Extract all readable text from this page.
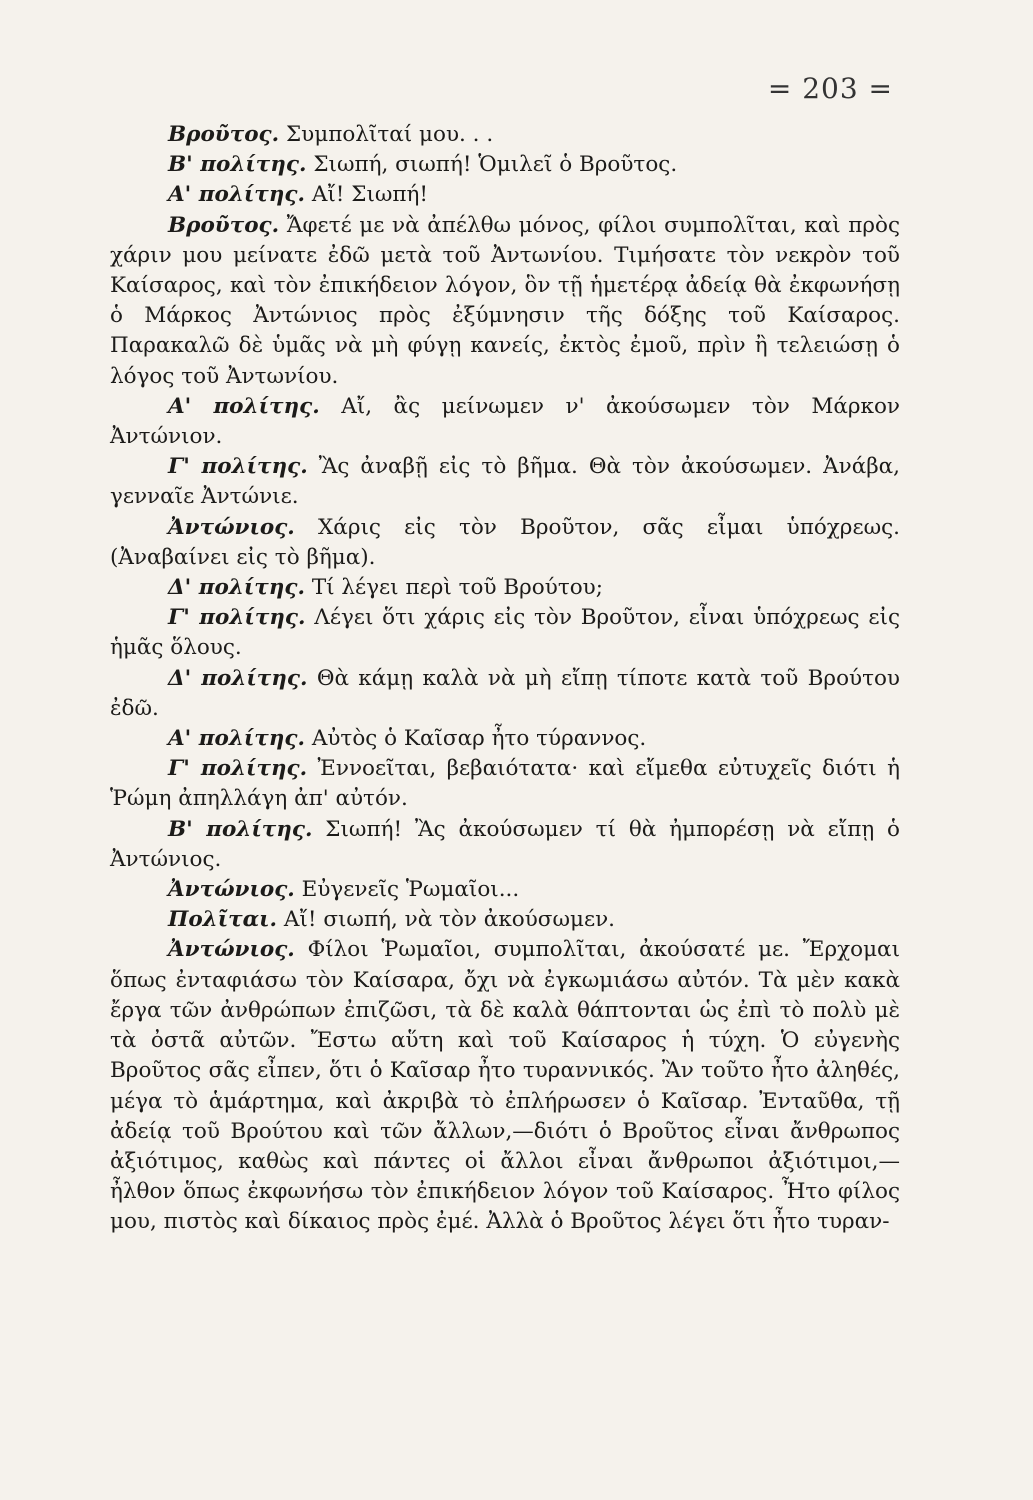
= 203 =

Βροῦτος. Συμπολῖταί μου. . .

Β' πολίτης. Σιωπή, σιωπή! Ὁμιλεῖ ὁ Βροῦτος.

Α' πολίτης. Αἴ! Σιωπή!

Βροῦτος. Ἄφετέ με νὰ ἀπέλθω μόνος, φίλοι συμπολῖται, καὶ πρὸς χάριν μου μείνατε ἐδῶ μετὰ τοῦ Ἀντωνίου. Τιμήσατε τὸν νεκρὸν τοῦ Καίσαρος, καὶ τὸν ἐπικήδειον λόγον, ὃν τῇ ἡμετέρᾳ ἀδείᾳ θὰ ἐκφωνήσῃ ὁ Μάρκος Ἀντώνιος πρὸς ἐξύμνησιν τῆς δόξης τοῦ Καίσαρος. Παρακαλῶ δὲ ὑμᾶς νὰ μὴ φύγῃ κανείς, ἐκτὸς ἐμοῦ, πρὶν ἢ τελειώσῃ ὁ λόγος τοῦ Ἀντωνίου.

Α' πολίτης. Αἴ, ἂς μείνωμεν ν' ἀκούσωμεν τὸν Μάρκον Ἀντώνιον.

Γ' πολίτης. Ἂς ἀναβῇ εἰς τὸ βῆμα. Θὰ τὸν ἀκούσωμεν. Ἀνάβα, γενναῖε Ἀντώνιε.

Ἀντώνιος. Χάρις εἰς τὸν Βροῦτον, σᾶς εἶμαι ὑπόχρεως. (Ἀναβαίνει εἰς τὸ βῆμα).

Δ' πολίτης. Τί λέγει περὶ τοῦ Βρούτου;

Γ' πολίτης. Λέγει ὅτι χάρις εἰς τὸν Βροῦτον, εἶναι ὑπόχρεως εἰς ἡμᾶς ὅλους.

Δ' πολίτης. Θὰ κάμῃ καλὰ νὰ μὴ εἴπῃ τίποτε κατὰ τοῦ Βρούτου ἐδῶ.

Α' πολίτης. Αὐτὸς ὁ Καῖσαρ ἦτο τύραννος.

Γ' πολίτης. Ἐννοεῖται, βεβαιότατα· καὶ εἴμεθα εὐτυχεῖς διότι ἡ Ῥώμη ἀπηλλάγη ἀπ' αὐτόν.

Β' πολίτης. Σιωπή! Ἂς ἀκούσωμεν τί θὰ ἠμπορέσῃ νὰ εἴπῃ ὁ Ἀντώνιος.

Ἀντώνιος. Εὐγενεῖς Ῥωμαῖοι...

Πολῖται. Αἴ! σιωπή, νὰ τὸν ἀκούσωμεν.

Ἀντώνιος. Φίλοι Ῥωμαῖοι, συμπολῖται, ἀκούσατέ με. Ἔρχομαι ὅπως ἐνταφιάσω τὸν Καίσαρα, ὄχι νὰ ἐγκωμιάσω αὐτόν. Τὰ μὲν κακὰ ἔργα τῶν ἀνθρώπων ἐπιζῶσι, τὰ δὲ καλὰ θάπτονται ὡς ἐπὶ τὸ πολὺ μὲ τὰ ὀστᾶ αὐτῶν. Ἔστω αὕτη καὶ τοῦ Καίσαρος ἡ τύχη. Ὁ εὐγενὴς Βροῦτος σᾶς εἶπεν, ὅτι ὁ Καῖσαρ ἦτο τυραννικός. Ἂν τοῦτο ἦτο ἀληθές, μέγα τὸ ἁμάρτημα, καὶ ἀκριβὰ τὸ ἐπλήρωσεν ὁ Καῖσαρ. Ἐνταῦθα, τῇ ἀδείᾳ τοῦ Βρούτου καὶ τῶν ἄλλων,—διότι ὁ Βροῦτος εἶναι ἄνθρωπος ἀξιότιμος, καθὼς καὶ πάντες οἱ ἄλλοι εἶναι ἄνθρωποι ἀξιότιμοι,—ἦλθον ὅπως ἐκφωνήσω τὸν ἐπικήδειον λόγον τοῦ Καίσαρος. Ἦτο φίλος μου, πιστὸς καὶ δίκαιος πρὸς ἐμέ. Ἀλλὰ ὁ Βροῦτος λέγει ὅτι ἦτο τυραν-
